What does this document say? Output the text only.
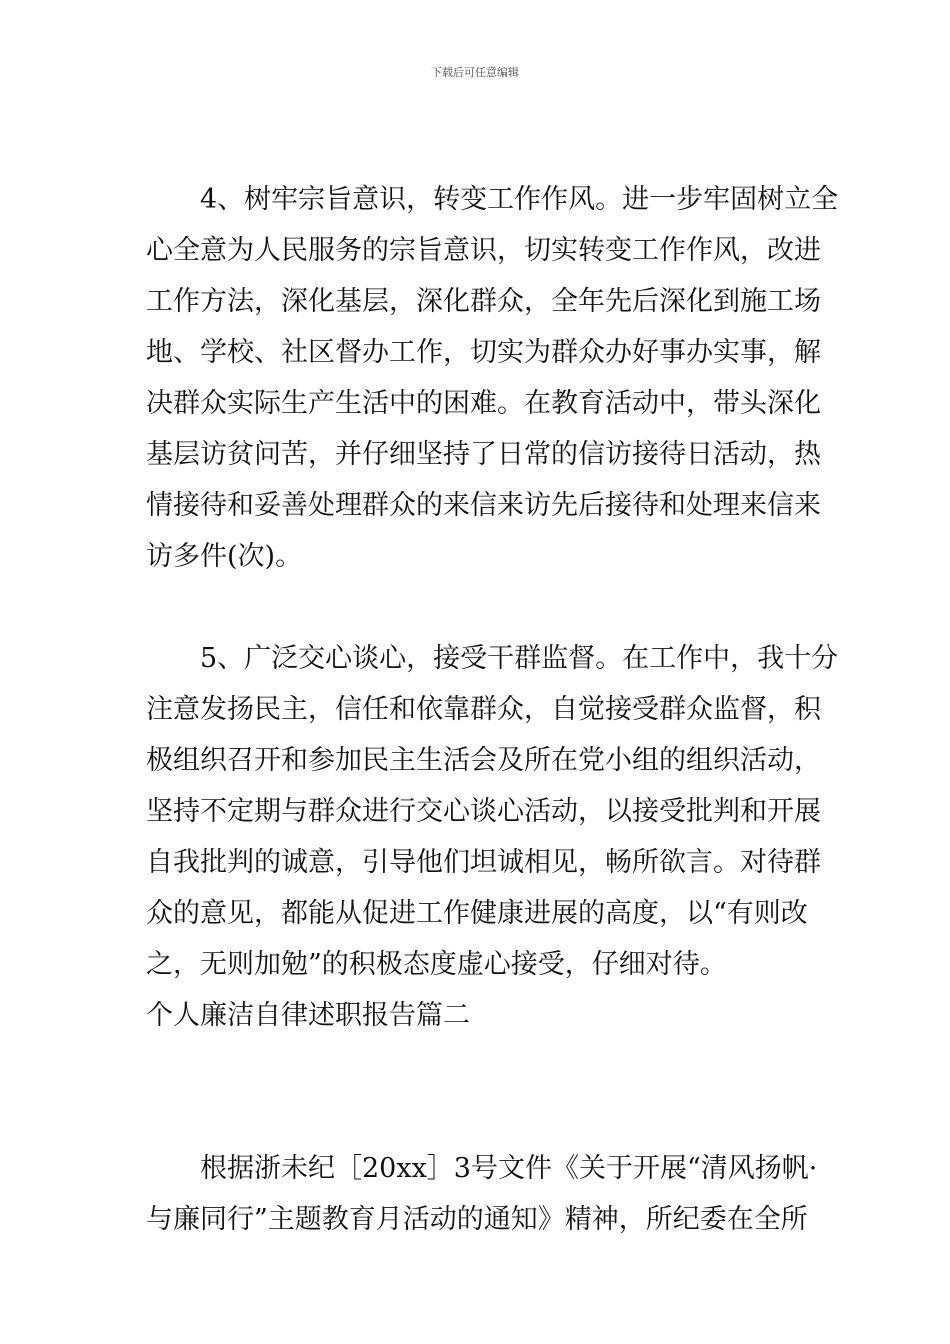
下载后可任意编辑
4、树牢宗旨意识，转变工作作风。进一步牢固树立全
心全意为人民服务的宗旨意识，切实转变工作作风，改进
工作方法，深化基层，深化群众，全年先后深化到施工场
地、学校、社区督办工作，切实为群众办好事办实事，解
决群众实际生产生活中的困难。在教育活动中，带头深化
基层访贫问苦，并仔细坚持了日常的信访接待日活动，热
情接待和妥善处理群众的来信来访先后接待和处理来信来
访多件(次)。
5、广泛交心谈心，接受干群监督。在工作中，我十分
注意发扬民主，信任和依靠群众，自觉接受群众监督，积
极组织召开和参加民主生活会及所在党小组的组织活动，
坚持不定期与群众进行交心谈心活动，以接受批判和开展
自我批判的诚意，引导他们坦诚相见，畅所欲言。对待群
众的意见，都能从促进工作健康进展的高度，以“有则改
之，无则加勉”的积极态度虚心接受，仔细对待。
个人廉洁自律述职报告篇二
根据浙未纪［20xx］3号文件《关于开展“清风扬帆·
与廉同行”主题教育月活动的通知》精神，所纪委在全所
